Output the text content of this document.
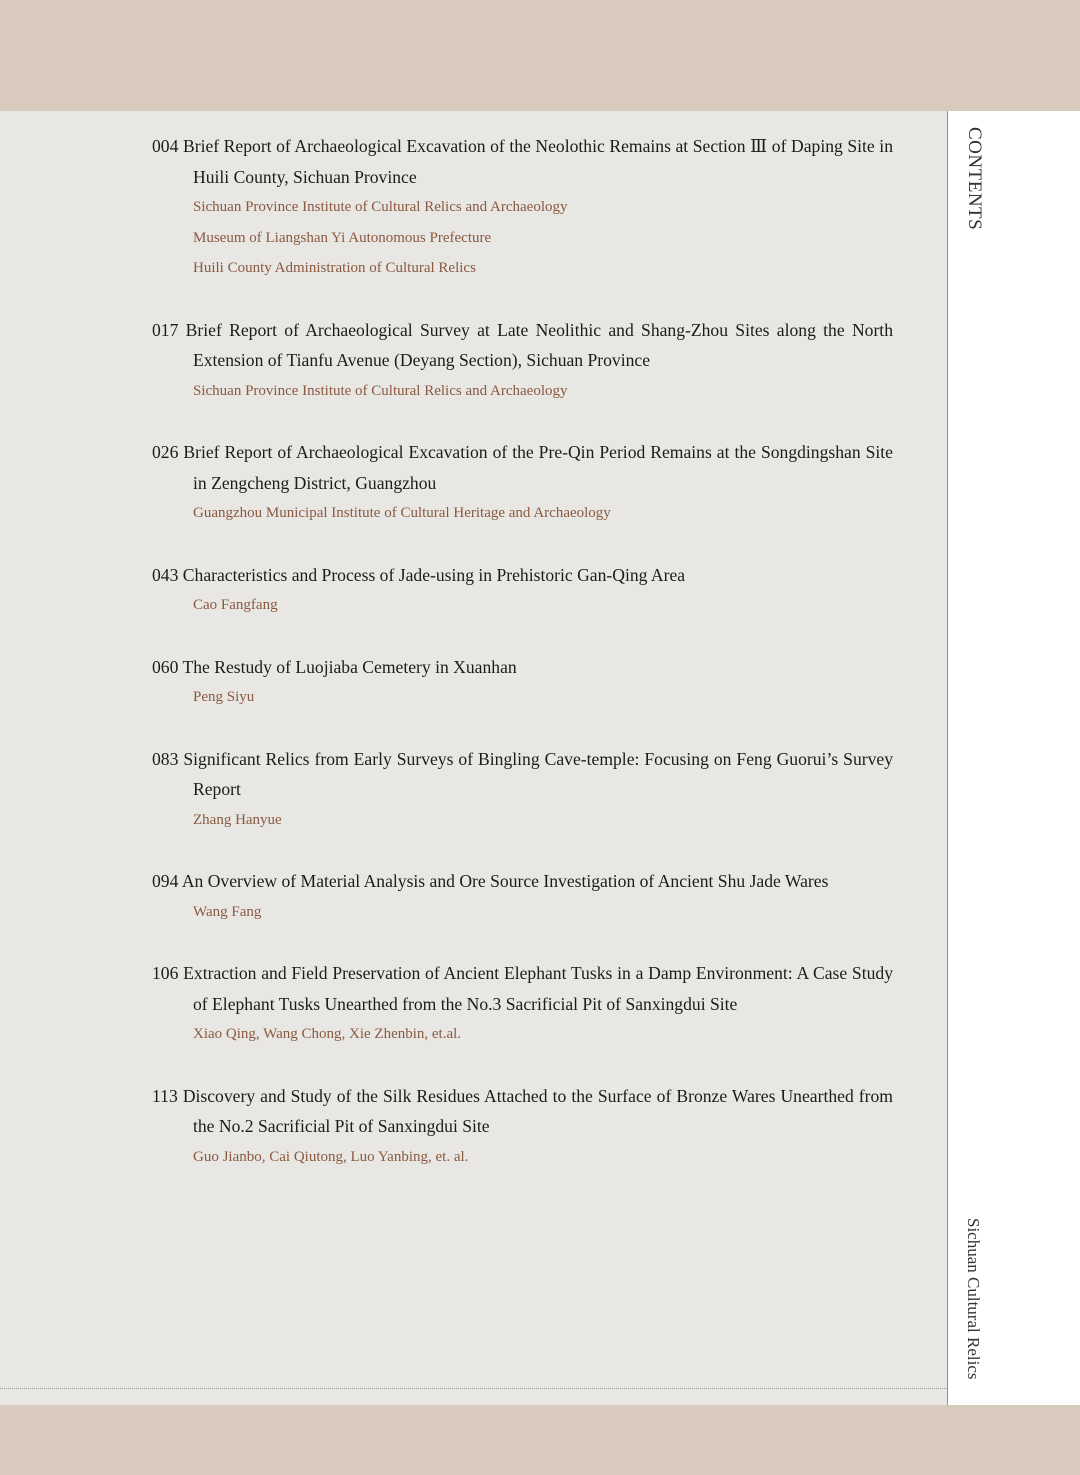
CONTENTS
Sichuan Cultural Relics
004 Brief Report of Archaeological Excavation of the Neolothic Remains at Section Ⅲ of Daping Site in Huili County, Sichuan Province
Sichuan Province Institute of Cultural Relics and Archaeology
Museum of Liangshan Yi Autonomous Prefecture
Huili County Administration of Cultural Relics
017 Brief Report of Archaeological Survey at Late Neolithic and Shang-Zhou Sites along the North Extension of Tianfu Avenue (Deyang Section), Sichuan Province
Sichuan Province Institute of Cultural Relics and Archaeology
026 Brief Report of Archaeological Excavation of the Pre-Qin Period Remains at the Songdingshan Site in Zengcheng District, Guangzhou
Guangzhou Municipal Institute of Cultural Heritage and Archaeology
043 Characteristics and Process of Jade-using in Prehistoric Gan-Qing Area
Cao Fangfang
060 The Restudy of Luojiaba Cemetery in Xuanhan
Peng Siyu
083 Significant Relics from Early Surveys of Bingling Cave-temple: Focusing on Feng Guorui’s Survey Report
Zhang Hanyue
094 An Overview of Material Analysis and Ore Source Investigation of Ancient Shu Jade Wares
Wang Fang
106 Extraction and Field Preservation of Ancient Elephant Tusks in a Damp Environment: A Case Study of Elephant Tusks Unearthed from the No.3 Sacrificial Pit of Sanxingdui Site
Xiao Qing, Wang Chong, Xie Zhenbin, et.al.
113 Discovery and Study of the Silk Residues Attached to the Surface of Bronze Wares Unearthed from the No.2 Sacrificial Pit of Sanxingdui Site
Guo Jianbo, Cai Qiutong, Luo Yanbing, et. al.
